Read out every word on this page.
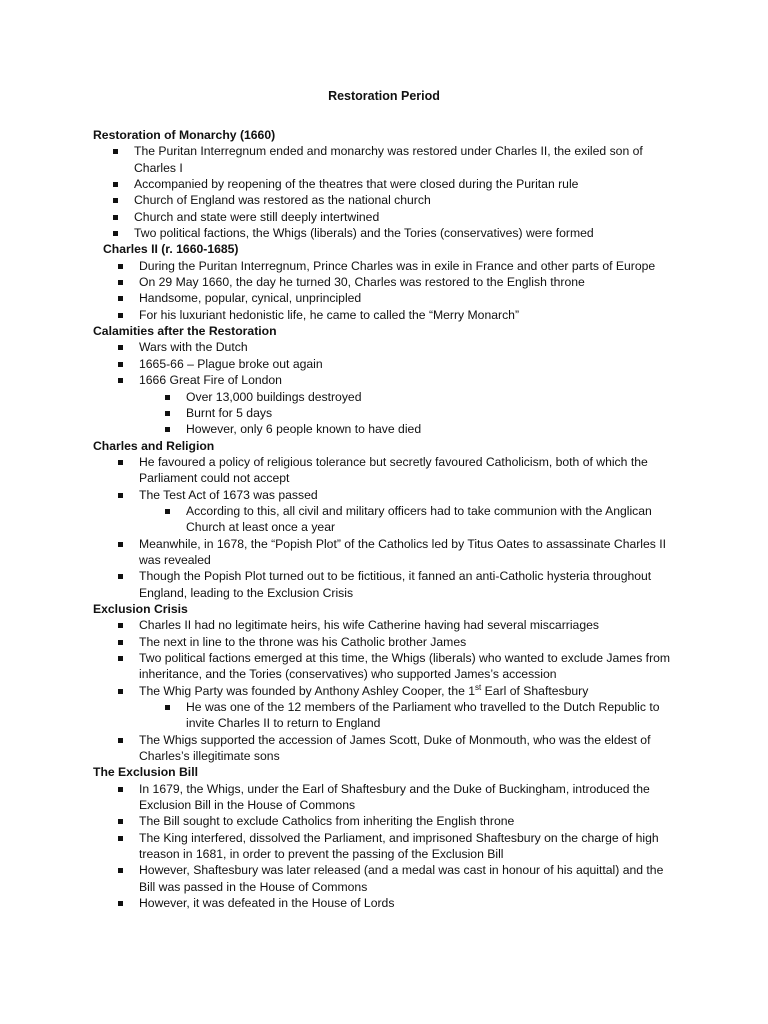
Restoration Period
Restoration of Monarchy (1660)
The Puritan Interregnum ended and monarchy was restored under Charles II, the exiled son of Charles I
Accompanied by reopening of the theatres that were closed during the Puritan rule
Church of England was restored as the national church
Church and state were still deeply intertwined
Two political factions, the Whigs (liberals) and the Tories (conservatives) were formed
Charles II (r. 1660-1685)
During the Puritan Interregnum, Prince Charles was in exile in France and other parts of Europe
On 29 May 1660, the day he turned 30, Charles was restored to the English throne
Handsome, popular, cynical, unprincipled
For his luxuriant hedonistic life, he came to called the “Merry Monarch”
Calamities after the Restoration
Wars with the Dutch
1665-66 – Plague broke out again
1666 Great Fire of London
Over 13,000 buildings destroyed
Burnt for 5 days
However, only 6 people known to have died
Charles and Religion
He favoured a policy of religious tolerance but secretly favoured Catholicism, both of which the Parliament could not accept
The Test Act of 1673 was passed
According to this, all civil and military officers had to take communion with the Anglican Church at least once a year
Meanwhile, in 1678, the “Popish Plot” of the Catholics led by Titus Oates to assassinate Charles II was revealed
Though the Popish Plot turned out to be fictitious, it fanned an anti-Catholic hysteria throughout England, leading to the Exclusion Crisis
Exclusion Crisis
Charles II had no legitimate heirs, his wife Catherine having had several miscarriages
The next in line to the throne was his Catholic brother James
Two political factions emerged at this time, the Whigs (liberals) who wanted to exclude James from inheritance, and the Tories (conservatives) who supported James’s accession
The Whig Party was founded by Anthony Ashley Cooper, the 1st Earl of Shaftesbury
He was one of the 12 members of the Parliament who travelled to the Dutch Republic to invite Charles II to return to England
The Whigs supported the accession of James Scott, Duke of Monmouth, who was the eldest of Charles’s illegitimate sons
The Exclusion Bill
In 1679, the Whigs, under the Earl of Shaftesbury and the Duke of Buckingham, introduced the Exclusion Bill in the House of Commons
The Bill sought to exclude Catholics from inheriting the English throne
The King interfered, dissolved the Parliament, and imprisoned Shaftesbury on the charge of high treason in 1681, in order to prevent the passing of the Exclusion Bill
However, Shaftesbury was later released (and a medal was cast in honour of his aquittal) and the Bill was passed in the House of Commons
However, it was defeated in the House of Lords
